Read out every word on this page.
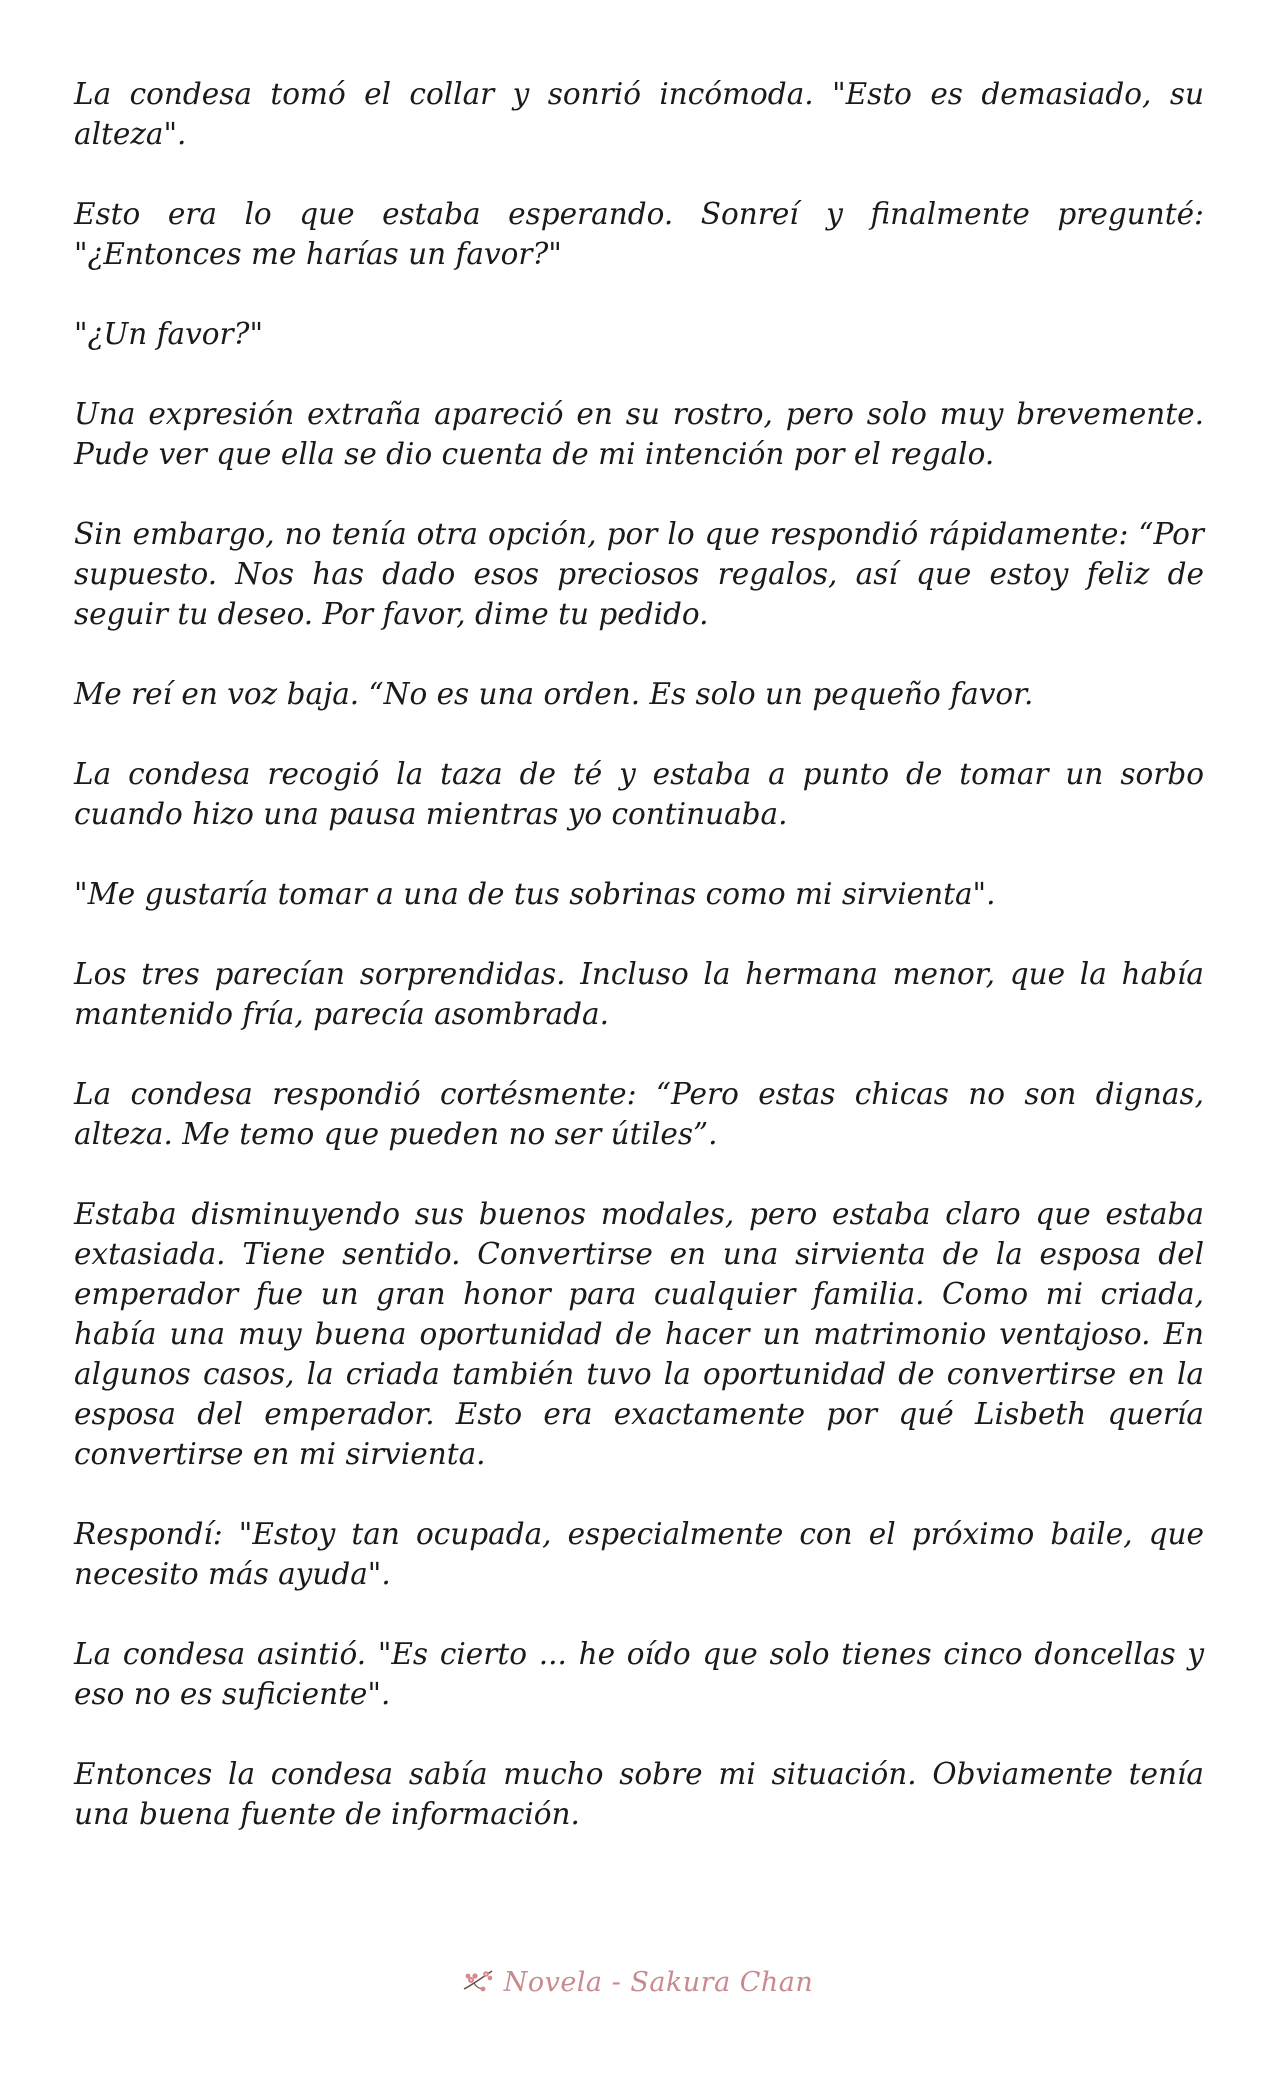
La condesa tomó el collar y sonrió incómoda. "Esto es demasiado, su alteza".

Esto era lo que estaba esperando. Sonreí y finalmente pregunté: "¿Entonces me harías un favor?"

"¿Un favor?"

Una expresión extraña apareció en su rostro, pero solo muy brevemente. Pude ver que ella se dio cuenta de mi intención por el regalo.

Sin embargo, no tenía otra opción, por lo que respondió rápidamente: “Por supuesto. Nos has dado esos preciosos regalos, así que estoy feliz de seguir tu deseo. Por favor, dime tu pedido.

Me reí en voz baja. “No es una orden. Es solo un pequeño favor.

La condesa recogió la taza de té y estaba a punto de tomar un sorbo cuando hizo una pausa mientras yo continuaba.

"Me gustaría tomar a una de tus sobrinas como mi sirvienta".

Los tres parecían sorprendidas. Incluso la hermana menor, que la había mantenido fría, parecía asombrada.

La condesa respondió cortésmente: “Pero estas chicas no son dignas, alteza. Me temo que pueden no ser útiles”.

Estaba disminuyendo sus buenos modales, pero estaba claro que estaba extasiada. Tiene sentido. Convertirse en una sirvienta de la esposa del emperador fue un gran honor para cualquier familia. Como mi criada, había una muy buena oportunidad de hacer un matrimonio ventajoso. En algunos casos, la criada también tuvo la oportunidad de convertirse en la esposa del emperador. Esto era exactamente por qué Lisbeth quería convertirse en mi sirvienta.

Respondí: "Estoy tan ocupada, especialmente con el próximo baile, que necesito más ayuda".

La condesa asintió. "Es cierto ... he oído que solo tienes cinco doncellas y eso no es suficiente".

Entonces la condesa sabía mucho sobre mi situación. Obviamente tenía una buena fuente de información.

Novela - Sakura Chan
